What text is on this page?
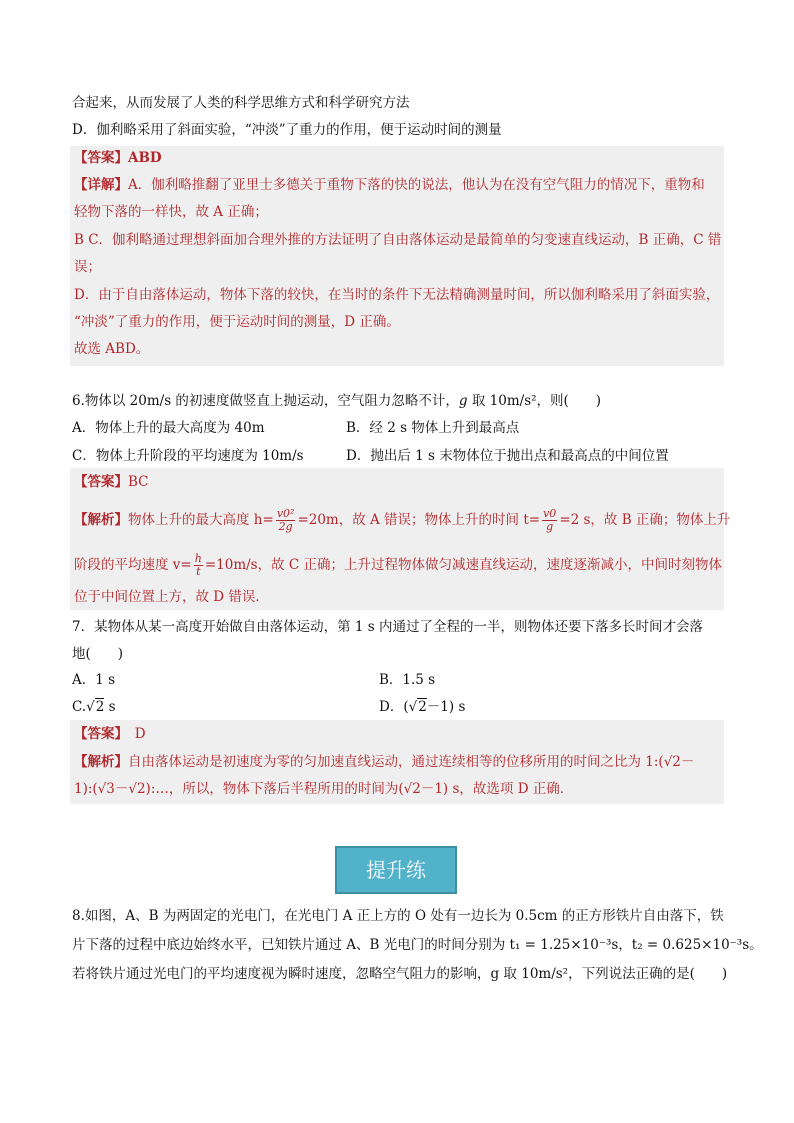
合起来，从而发展了人类的科学思维方式和科学研究方法
D．伽利略采用了斜面实验，“冲淡”了重力的作用，便于运动时间的测量
【答案】ABD
【详解】A．伽利略推翻了亚里士多德关于重物下落的快的说法，他认为在没有空气阻力的情况下，重物和
轻物下落的一样快，故 A 正确；
B C．伽利略通过理想斜面加合理外推的方法证明了自由落体运动是最简单的匀变速直线运动，B 正确，C 错
误；
D．由于自由落体运动，物体下落的较快，在当时的条件下无法精确测量时间，所以伽利略采用了斜面实验，
“冲淡”了重力的作用，便于运动时间的测量，D 正确。
故选 ABD。
6.物体以 20m/s 的初速度做竖直上抛运动，空气阻力忽略不计，g 取 10m/s²，则(　　)
A．物体上升的最大高度为 40m	B．经 2 s 物体上升到最高点
C．物体上升阶段的平均速度为 10m/s	D．抛出后 1 s 末物体位于抛出点和最高点的中间位置
【答案】BC
【解析】物体上升的最大高度 $h= \frac{\text{v0²}}{2g} =20m$，故 A 错误；物体上升的时间 $t= \frac{v0}{g} =2$ s，故 B 正确；物体上升
阶段的平均速度 $v= \frac{h}{t} =10m/s$，故 C 正确；上升过程物体做匀减速直线运动，速度逐渐减小，中间时刻物体
位于中间位置上方，故 D 错误．
7．某物体从某一高度开始做自由落体运动，第 1 s 内通过了全程的一半，则物体还要下落多长时间才会落
地(　　)
A．1 s	B．1.5 s
C.√2 s	D．(√2－1) s
【答案】　 D
【解析】自由落体运动是初速度为零的匀加速直线运动，通过连续相等的位移所用的时间之比为 1:(√2－
1):(√3－√2):…，所以，物体下落后半程所用的时间为(√2－1) s，故选项 D 正确．
提升练
8.如图，A、B 为两固定的光电门，在光电门 A 正上方的 O 处有一边长为 0.5cm 的正方形铁片自由落下，铁
片下落的过程中底边始终水平，已知铁片通过 A、B 光电门的时间分别为 t₁ = 1.25×10⁻³s，t₂ = 0.625×10⁻³s。
若将铁片通过光电门的平均速度视为瞬时速度，忽略空气阻力的影响，g 取 10m/s²，下列说法正确的是(　　)
